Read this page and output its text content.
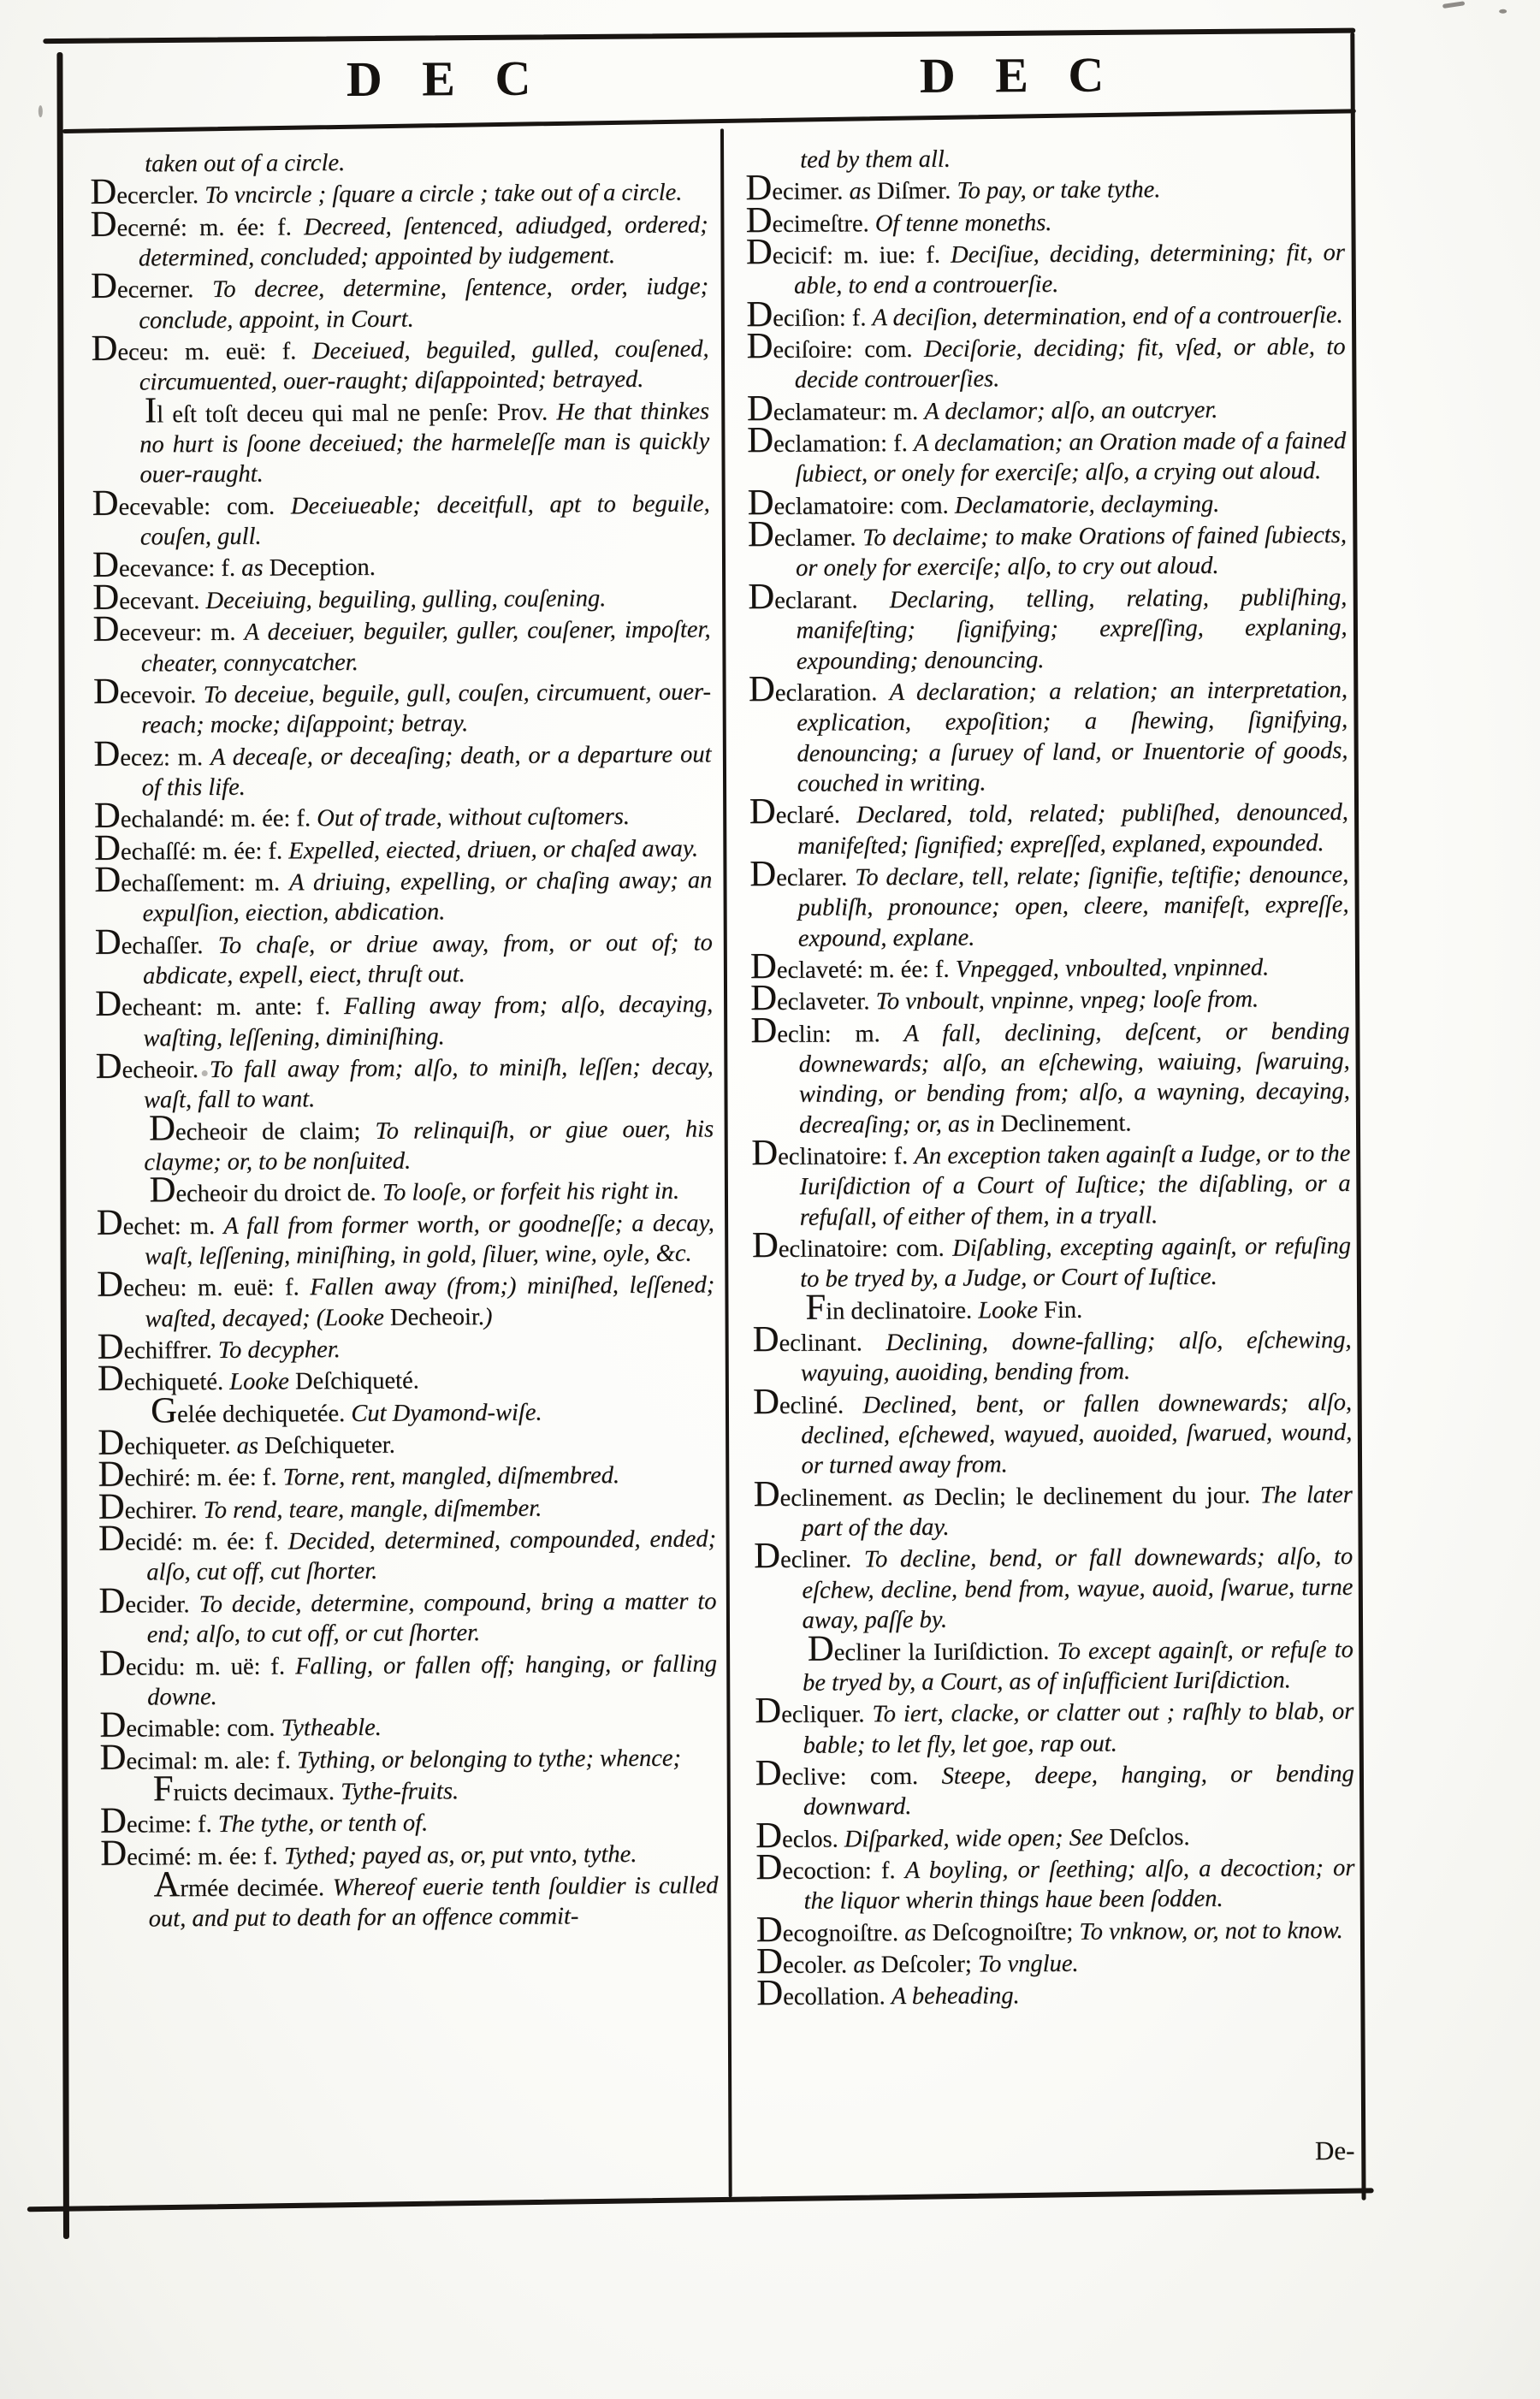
D E C	D E C

taken out of a circle.

Decercler. To vncircle ; ſquare a circle ; take out of a circle.

Decerné: m. ée: f. Decreed, ſentenced, adiudged, ordered; determined, concluded; appointed by iudgement.

Decerner. To decree, determine, ſentence, order, iudge; conclude, appoint, in Court.

Deceu: m. euë: f. Deceiued, beguiled, gulled, couſened, circumuented, ouer-raught; diſappointed; betrayed.

Il eſt toſt deceu qui mal ne penſe: Prov. He that thinkes no hurt is ſoone deceiued; the harmeleſſe man is quickly ouer-raught.

Decevable: com. Deceiueable; deceitfull, apt to beguile, couſen, gull.

Decevance: f. as Deception.

Decevant. Deceiuing, beguiling, gulling, couſening.

Deceveur: m. A deceiuer, beguiler, guller, couſener, impoſter, cheater, connycatcher.

Decevoir. To deceiue, beguile, gull, couſen, circumuent, ouer-reach; mocke; diſappoint; betray.

Decez: m. A deceaſe, or deceaſing; death, or a departure out of this life.

Dechalandé: m. ée: f. Out of trade, without cuſtomers.

Dechaſſé: m. ée: f. Expelled, eiected, driuen, or chaſed away.

Dechaſſement: m. A driuing, expelling, or chaſing away; an expulſion, eiection, abdication.

Dechaſſer. To chaſe, or driue away, from, or out of; to abdicate, expell, eiect, thruſt out.

Decheant: m. ante: f. Falling away from; alſo, decaying, waſting, leſſening, diminiſhing.

Decheoir. To fall away from; alſo, to miniſh, leſſen; decay, waſt, fall to want.

Decheoir de claim; To relinquiſh, or giue ouer, his clayme; or, to be nonſuited.

Decheoir du droict de. To looſe, or forfeit his right in.

Dechet: m. A fall from former worth, or goodneſſe; a decay, waſt, leſſening, miniſhing, in gold, ſiluer, wine, oyle, &c.

Decheu: m. euë: f. Fallen away (from;) miniſhed, leſſened; waſted, decayed; (Looke Decheoir.)

Dechiffrer. To decypher.

Dechiqueté. Looke Deſchiqueté.

Gelée dechiquetée. Cut Dyamond-wiſe.

Dechiqueter. as Deſchiqueter.

Dechiré: m. ée: f. Torne, rent, mangled, diſmembred.

Dechirer. To rend, teare, mangle, diſmember.

Decidé: m. ée: f. Decided, determined, compounded, ended; alſo, cut off, cut ſhorter.

Decider. To decide, determine, compound, bring a matter to end; alſo, to cut off, or cut ſhorter.

Decidu: m. uë: f. Falling, or fallen off; hanging, or falling downe.

Decimable: com. Tytheable.

Decimal: m. ale: f. Tything, or belonging to tythe; whence;

Fruicts decimaux. Tythe-fruits.

Decime: f. The tythe, or tenth of.

Decimé: m. ée: f. Tythed; payed as, or, put vnto, tythe.

Armée decimée. Whereof euerie tenth ſouldier is culled out, and put to death for an offence commit-

ted by them all.

Decimer. as Diſmer. To pay, or take tythe.

Decimeſtre. Of tenne moneths.

Decicif: m. iue: f. Deciſiue, deciding, determining; fit, or able, to end a controuerſie.

Deciſion: f. A deciſion, determination, end of a controuerſie.

Deciſoire: com. Deciſorie, deciding; fit, vſed, or able, to decide controuerſies.

Declamateur: m. A declamor; alſo, an outcryer.

Declamation: f. A declamation; an Oration made of a fained ſubiect, or onely for exerciſe; alſo, a crying out aloud.

Declamatoire: com. Declamatorie, declayming.

Declamer. To declaime; to make Orations of fained ſubiects, or onely for exerciſe; alſo, to cry out aloud.

Declarant. Declaring, telling, relating, publiſhing, manifeſting; ſignifying; expreſſing, explaning, expounding; denouncing.

Declaration. A declaration; a relation; an interpretation, explication, expoſition; a ſhewing, ſignifying, denouncing; a ſuruey of land, or Inuentorie of goods, couched in writing.

Declaré. Declared, told, related; publiſhed, denounced, manifeſted; ſignified; expreſſed, explaned, expounded.

Declarer. To declare, tell, relate; ſignifie, teſtifie; denounce, publiſh, pronounce; open, cleere, manifeſt, expreſſe, expound, explane.

Declaveté: m. ée: f. Vnpegged, vnboulted, vnpinned.

Declaveter. To vnboult, vnpinne, vnpeg; looſe from.

Declin: m. A fall, declining, deſcent, or bending downewards; alſo, an eſchewing, waiuing, ſwaruing, winding, or bending from; alſo, a wayning, decaying, decreaſing; or, as in Declinement.

Declinatoire: f. An exception taken againſt a Iudge, or to the Iuriſdiction of a Court of Iuſtice; the diſabling, or a refuſall, of either of them, in a tryall.

Declinatoire: com. Diſabling, excepting againſt, or refuſing to be tryed by, a Judge, or Court of Iuſtice.

Fin declinatoire. Looke Fin.

Declinant. Declining, downe-falling; alſo, eſchewing, wayuing, auoiding, bending from.

Decliné. Declined, bent, or fallen downewards; alſo, declined, eſchewed, wayued, auoided, ſwarued, wound, or turned away from.

Declinement. as Declin; le declinement du jour. The later part of the day.

Decliner. To decline, bend, or fall downewards; alſo, to eſchew, decline, bend from, wayue, auoid, ſwarue, turne away, paſſe by.

Decliner la Iuriſdiction. To except againſt, or refuſe to be tryed by, a Court, as of inſufficient Iuriſdiction.

Decliquer. To iert, clacke, or clatter out ; raſhly to blab, or bable; to let fly, let goe, rap out.

Declive: com. Steepe, deepe, hanging, or bending downward.

Declos. Diſparked, wide open; See Deſclos.

Decoction: f. A boyling, or ſeething; alſo, a decoction; or the liquor wherin things haue been ſodden.

Decognoiſtre. as Deſcognoiſtre; To vnknow, or, not to know.

Decoler. as Deſcoler; To vnglue.

Decollation. A beheading.

De-
